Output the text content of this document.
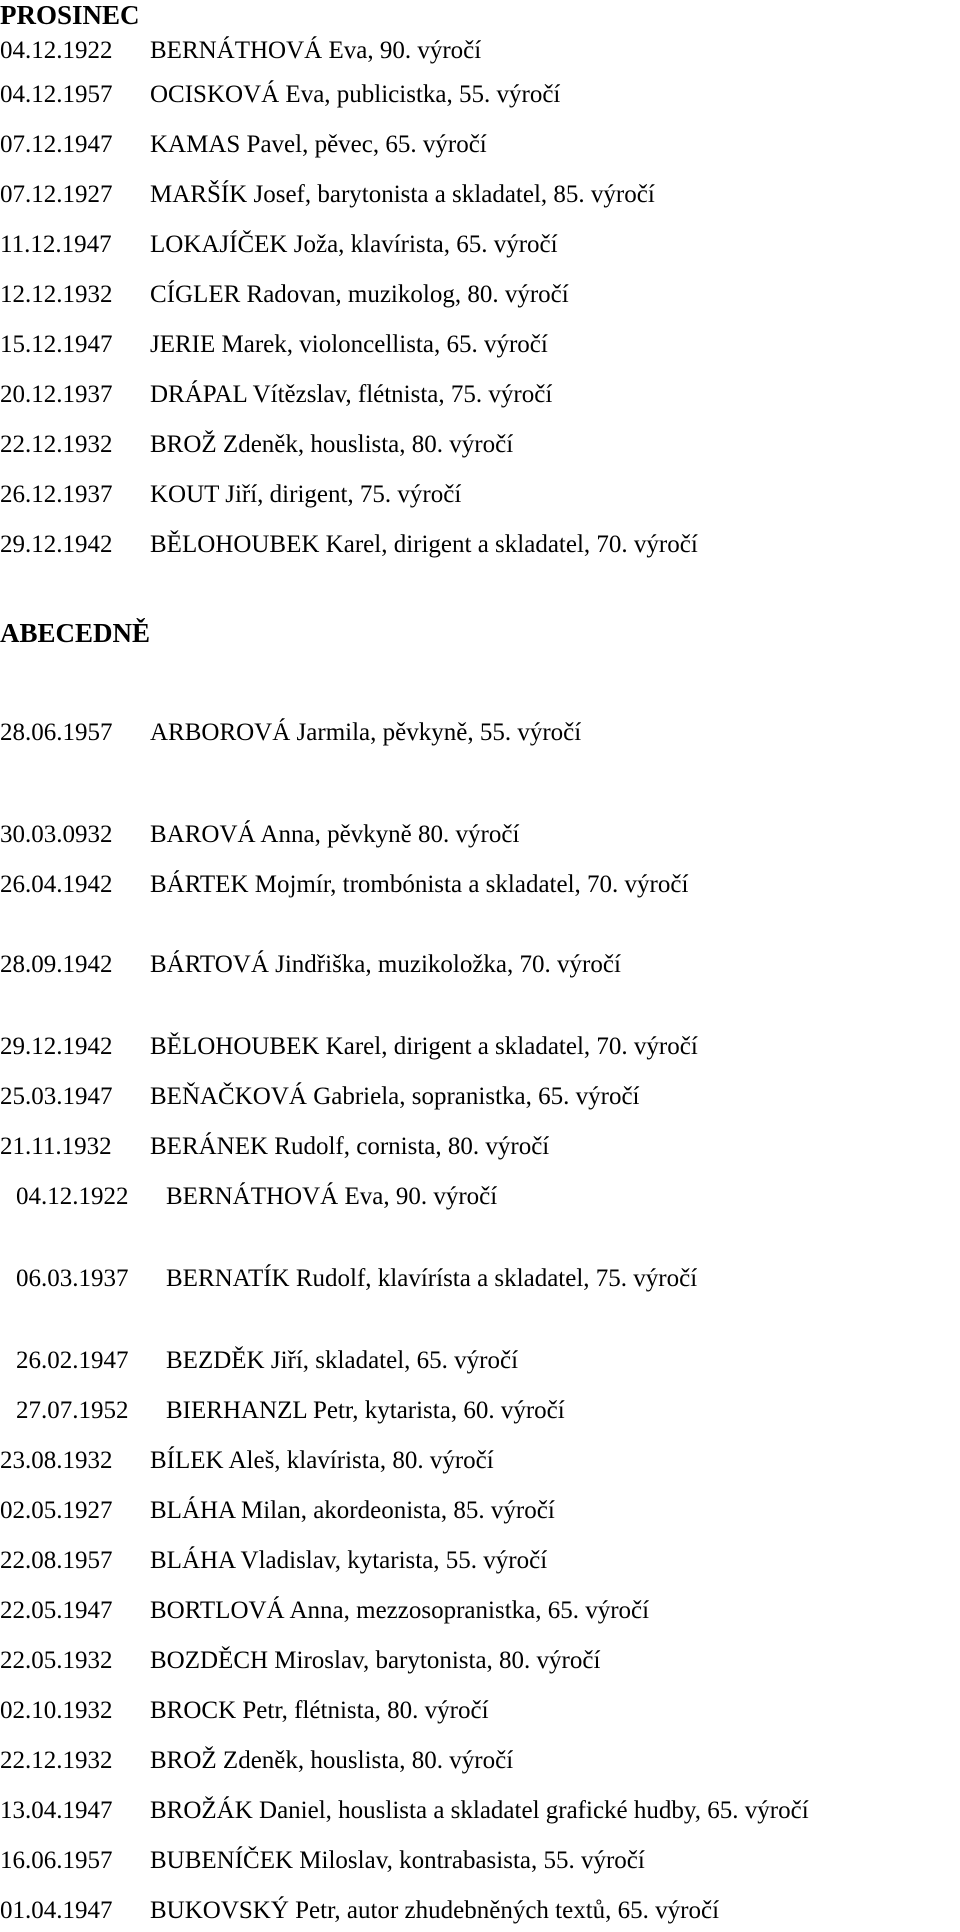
PROSINEC
04.12.1922 BERNÁTHOVÁ Eva, 90. výročí
04.12.1957 OCISKOVÁ Eva, publicistka, 55. výročí
07.12.1947 KAMAS Pavel, pěvec, 65. výročí
07.12.1927 MARŠÍK Josef, barytonista a skladatel, 85. výročí
11.12.1947 LOKAJÍČEK Joža, klavírista, 65. výročí
12.12.1932 CÍGLER Radovan, muzikolog, 80. výročí
15.12.1947 JERIE Marek, violoncellista, 65. výročí
20.12.1937 DRÁPAL Vítězslav, flétnista, 75. výročí
22.12.1932 BROŽ Zdeněk, houslista, 80. výročí
26.12.1937 KOUT Jiří, dirigent, 75. výročí
29.12.1942 BĚLOHOUBEK Karel, dirigent a skladatel, 70. výročí
ABECEDNĚ
28.06.1957 ARBOROVÁ Jarmila, pěvkyně, 55. výročí
30.03.0932 BAROVÁ Anna, pěvkyně 80. výročí
26.04.1942 BÁRTEK Mojmír, trombónista a skladatel, 70. výročí
28.09.1942 BÁRTOVÁ Jindřiška, muzikoložka, 70. výročí
29.12.1942 BĚLOHOUBEK Karel, dirigent a skladatel, 70. výročí
25.03.1947 BEŇAČKOVÁ Gabriela, sopranistka, 65. výročí
21.11.1932 BERÁNEK Rudolf, cornista, 80. výročí
04.12.1922 BERNÁTHOVÁ Eva, 90. výročí
06.03.1937 BERNATÍK Rudolf, klavírísta a skladatel, 75. výročí
26.02.1947 BEZDĚK Jiří, skladatel, 65. výročí
27.07.1952 BIERHANZL Petr, kytarista, 60. výročí
23.08.1932 BÍLEK Aleš, klavírista, 80. výročí
02.05.1927 BLÁHA Milan, akordeonista, 85. výročí
22.08.1957 BLÁHA Vladislav, kytarista, 55. výročí
22.05.1947 BORTLOVÁ Anna, mezzosopranistka, 65. výročí
22.05.1932 BOZDĚCH Miroslav, barytonista, 80. výročí
02.10.1932 BROCK Petr, flétnista, 80. výročí
22.12.1932 BROŽ Zdeněk, houslista, 80. výročí
13.04.1947 BROŽÁK Daniel, houslista a skladatel grafické hudby, 65. výročí
16.06.1957 BUBENÍČEK Miloslav, kontrabasista, 55. výročí
01.04.1947 BUKOVSKÝ Petr, autor zhudebněných textů, 65. výročí
